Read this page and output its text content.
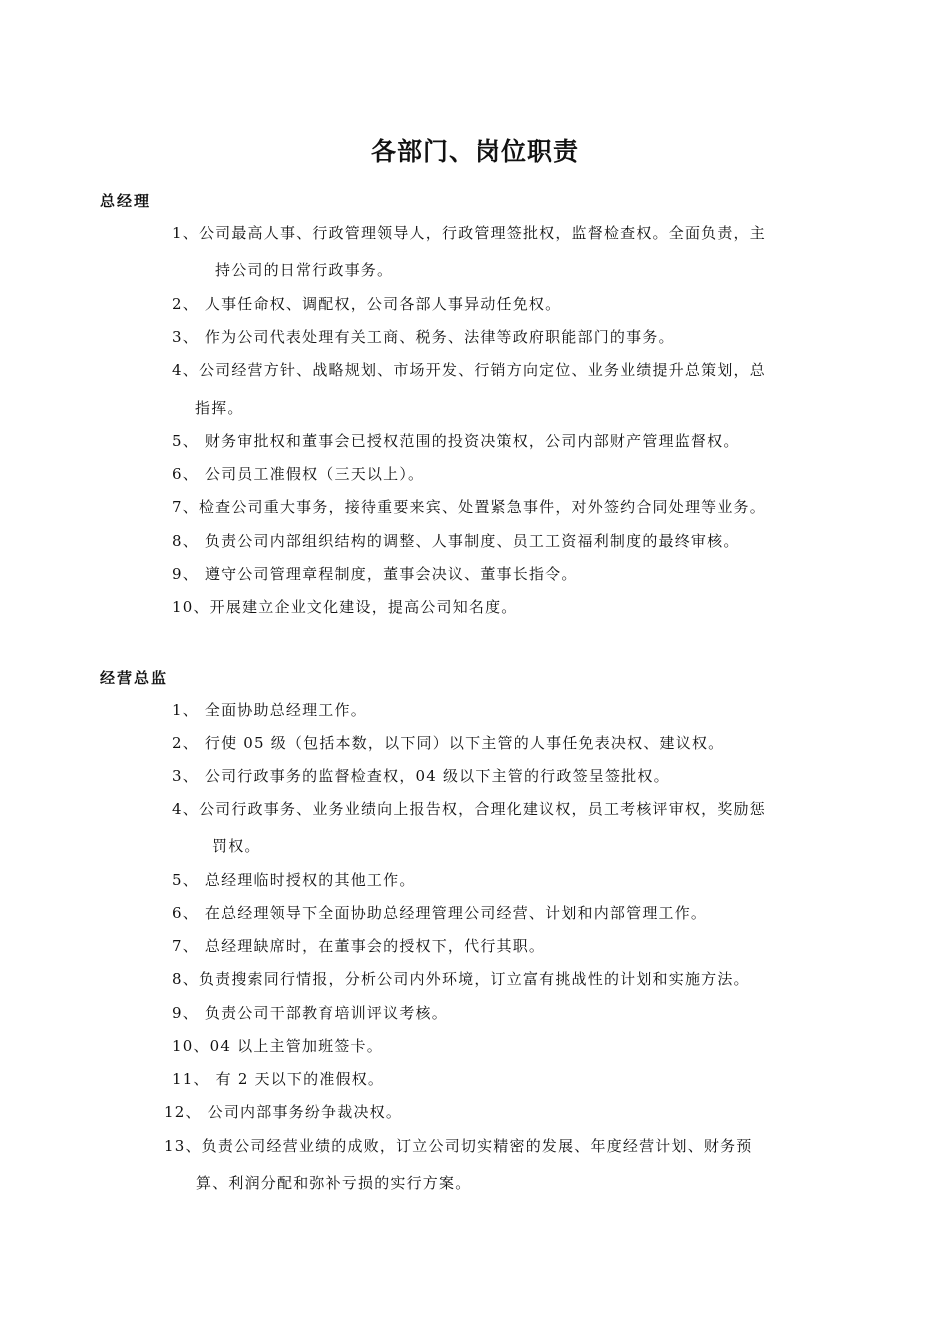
各部门、岗位职责
总经理
1、公司最高人事、行政管理领导人，行政管理签批权，监督检查权。全面负责，主
持公司的日常行政事务。
2、 人事任命权、调配权，公司各部人事异动任免权。
3、 作为公司代表处理有关工商、税务、法律等政府职能部门的事务。
4、公司经营方针、战略规划、市场开发、行销方向定位、业务业绩提升总策划，总
指挥。
5、 财务审批权和董事会已授权范围的投资决策权，公司内部财产管理监督权。
6、 公司员工准假权（三天以上）。
7、检查公司重大事务，接待重要来宾、处置紧急事件，对外签约合同处理等业务。
8、 负责公司内部组织结构的调整、人事制度、员工工资福利制度的最终审核。
9、 遵守公司管理章程制度，董事会决议、董事长指令。
10、开展建立企业文化建设，提高公司知名度。
经营总监
1、 全面协助总经理工作。
2、 行使 05 级（包括本数，以下同）以下主管的人事任免表决权、建议权。
3、 公司行政事务的监督检查权，04 级以下主管的行政签呈签批权。
4、公司行政事务、业务业绩向上报告权，合理化建议权，员工考核评审权，奖励惩
罚权。
5、 总经理临时授权的其他工作。
6、 在总经理领导下全面协助总经理管理公司经营、计划和内部管理工作。
7、 总经理缺席时，在董事会的授权下，代行其职。
8、负责搜索同行情报，分析公司内外环境，订立富有挑战性的计划和实施方法。
9、 负责公司干部教育培训评议考核。
10、04 以上主管加班签卡。
11、 有 2 天以下的准假权。
12、 公司内部事务纷争裁决权。
13、负责公司经营业绩的成败，订立公司切实精密的发展、年度经营计划、财务预
算、利润分配和弥补亏损的实行方案。
